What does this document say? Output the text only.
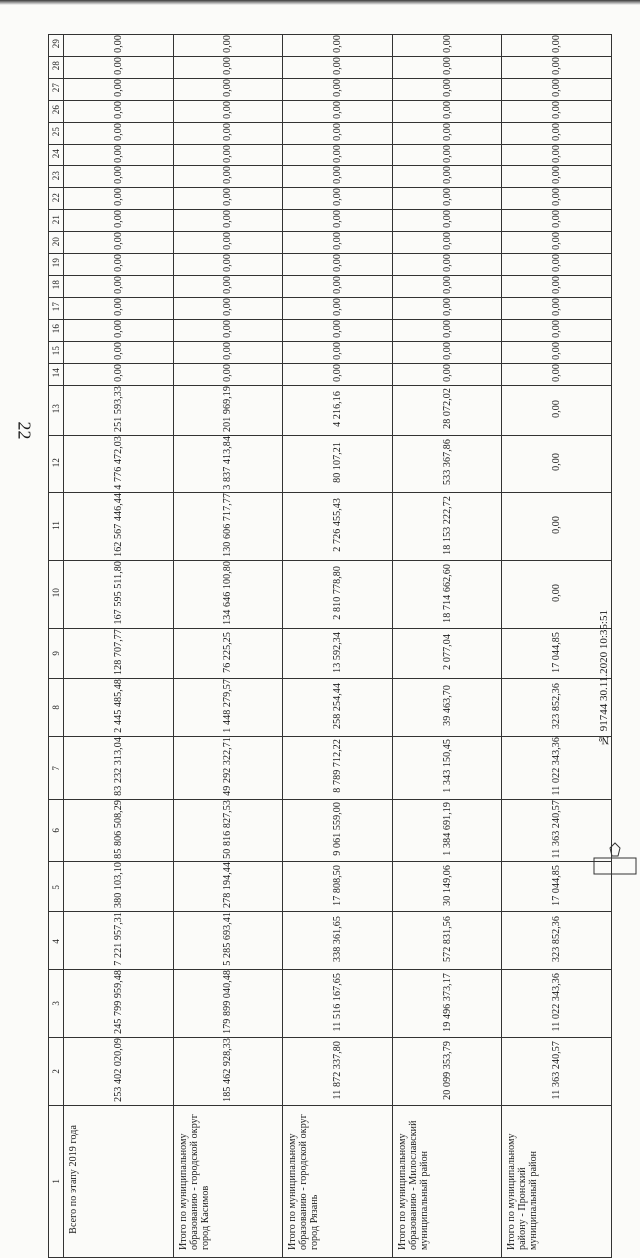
22
29	0,00	0,00	0,00	0,00	0,00
28	0,00	0,00	0,00	0,00	0,00
27	0,00	0,00	0,00	0,00	0,00
26	0,00	0,00	0,00	0,00	0,00
25	0,00	0,00	0,00	0,00	0,00
24	0,00	0,00	0,00	0,00	0,00
23	0,00	0,00	0,00	0,00	0,00
22	0,00	0,00	0,00	0,00	0,00
21	0,00	0,00	0,00	0,00	0,00
20	0,00	0,00	0,00	0,00	0,00
19	0,00	0,00	0,00	0,00	0,00
18	0,00	0,00	0,00	0,00	0,00
17	0,00	0,00	0,00	0,00	0,00
16	0,00	0,00	0,00	0,00	0,00
15	0,00	0,00	0,00	0,00	0,00
14	0,00	0,00	0,00	0,00	0,00
13	251 593,33	201 969,19	4 216,16	28 072,02	0,00
12	4 776 472,03	3 837 413,84	80 107,21	533 367,86	0,00
11	162 567 446,44	130 606 717,77	2 726 455,43	18 153 222,72	0,00
10	167 595 511,80	134 646 100,80	2 810 778,80	18 714 662,60	0,00
9	128 707,77	76 225,25	13 592,34	2 077,04	17 044,85
8	2 445 485,48	1 448 279,57	258 254,44	39 463,70	323 852,36
7	83 232 313,04	49 292 322,71	8 789 712,22	1 343 150,45	11 022 343,36
6	85 806 508,29	50 816 827,53	9 061 559,00	1 384 691,19	11 363 240,57
5	380 103,10	278 194,44	17 808,50	30 149,06	17 044,85
4	7 221 957,31	5 285 693,41	338 361,65	572 831,56	323 852,36
3	245 799 959,48	179 899 040,48	11 516 167,65	19 496 373,17	11 022 343,36
2	253 402 020,09	185 462 928,33	11 872 337,80	20 099 353,79	11 363 240,57
1	Всего по этапу 2019 года	Итого по муниципальному образованию - городской округ город Касимов	Итого по муниципальному образованию - городской округ город Рязань	Итого по муниципальному образованию - Милославский муниципальный район	Итого по муниципальному району - Пронский муниципальный район
№ 91744 30.11.2020 10:35:51
